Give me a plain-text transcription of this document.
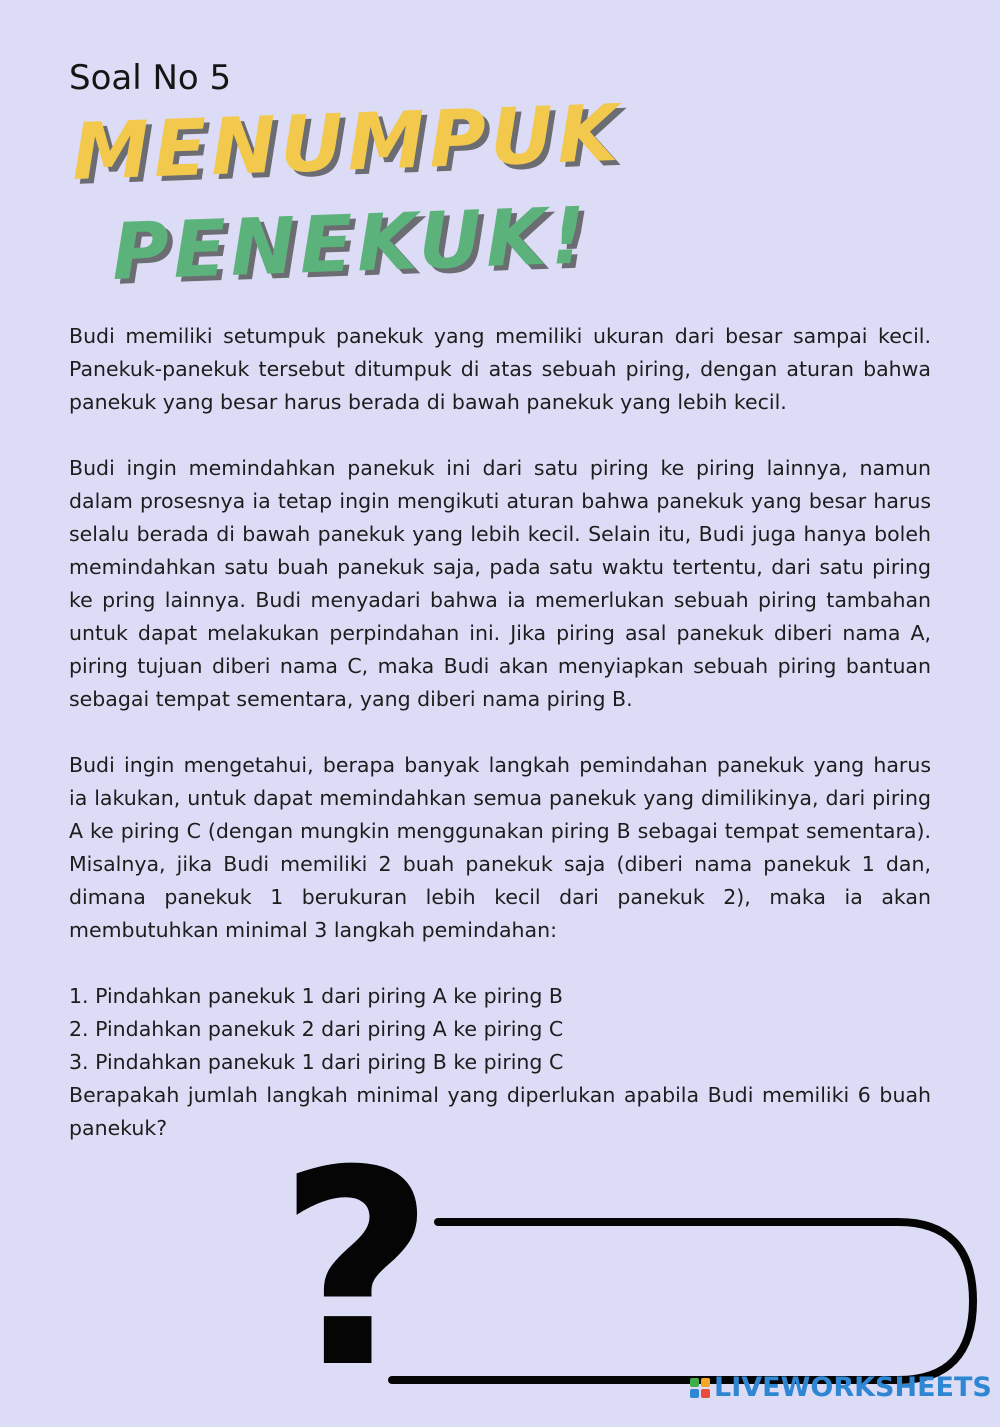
Soal No 5
MENUMPUK
PENEKUK!

Budi memiliki setumpuk panekuk yang memiliki ukuran dari besar sampai kecil. Panekuk-panekuk tersebut ditumpuk di atas sebuah piring, dengan aturan bahwa panekuk yang besar harus berada di bawah panekuk yang lebih kecil.

Budi ingin memindahkan panekuk ini dari satu piring ke piring lainnya, namun dalam prosesnya ia tetap ingin mengikuti aturan bahwa panekuk yang besar harus selalu berada di bawah panekuk yang lebih kecil. Selain itu, Budi juga hanya boleh memindahkan satu buah panekuk saja, pada satu waktu tertentu, dari satu piring ke pring lainnya. Budi menyadari bahwa ia memerlukan sebuah piring tambahan untuk dapat melakukan perpindahan ini. Jika piring asal panekuk diberi nama A, piring tujuan diberi nama C, maka Budi akan menyiapkan sebuah piring bantuan sebagai tempat sementara, yang diberi nama piring B.

Budi ingin mengetahui, berapa banyak langkah pemindahan panekuk yang harus ia lakukan, untuk dapat memindahkan semua panekuk yang dimilikinya, dari piring A ke piring C (dengan mungkin menggunakan piring B sebagai tempat sementara). Misalnya, jika Budi memiliki 2 buah panekuk saja (diberi nama panekuk 1 dan, dimana panekuk 1 berukuran lebih kecil dari panekuk 2), maka ia akan membutuhkan minimal 3 langkah pemindahan:

1. Pindahkan panekuk 1 dari piring A ke piring B
2. Pindahkan panekuk 2 dari piring A ke piring C
3. Pindahkan panekuk 1 dari piring B ke piring C

Berapakah jumlah langkah minimal yang diperlukan apabila Budi memiliki 6 buah panekuk? ?	LIVEWORKSHEETS
